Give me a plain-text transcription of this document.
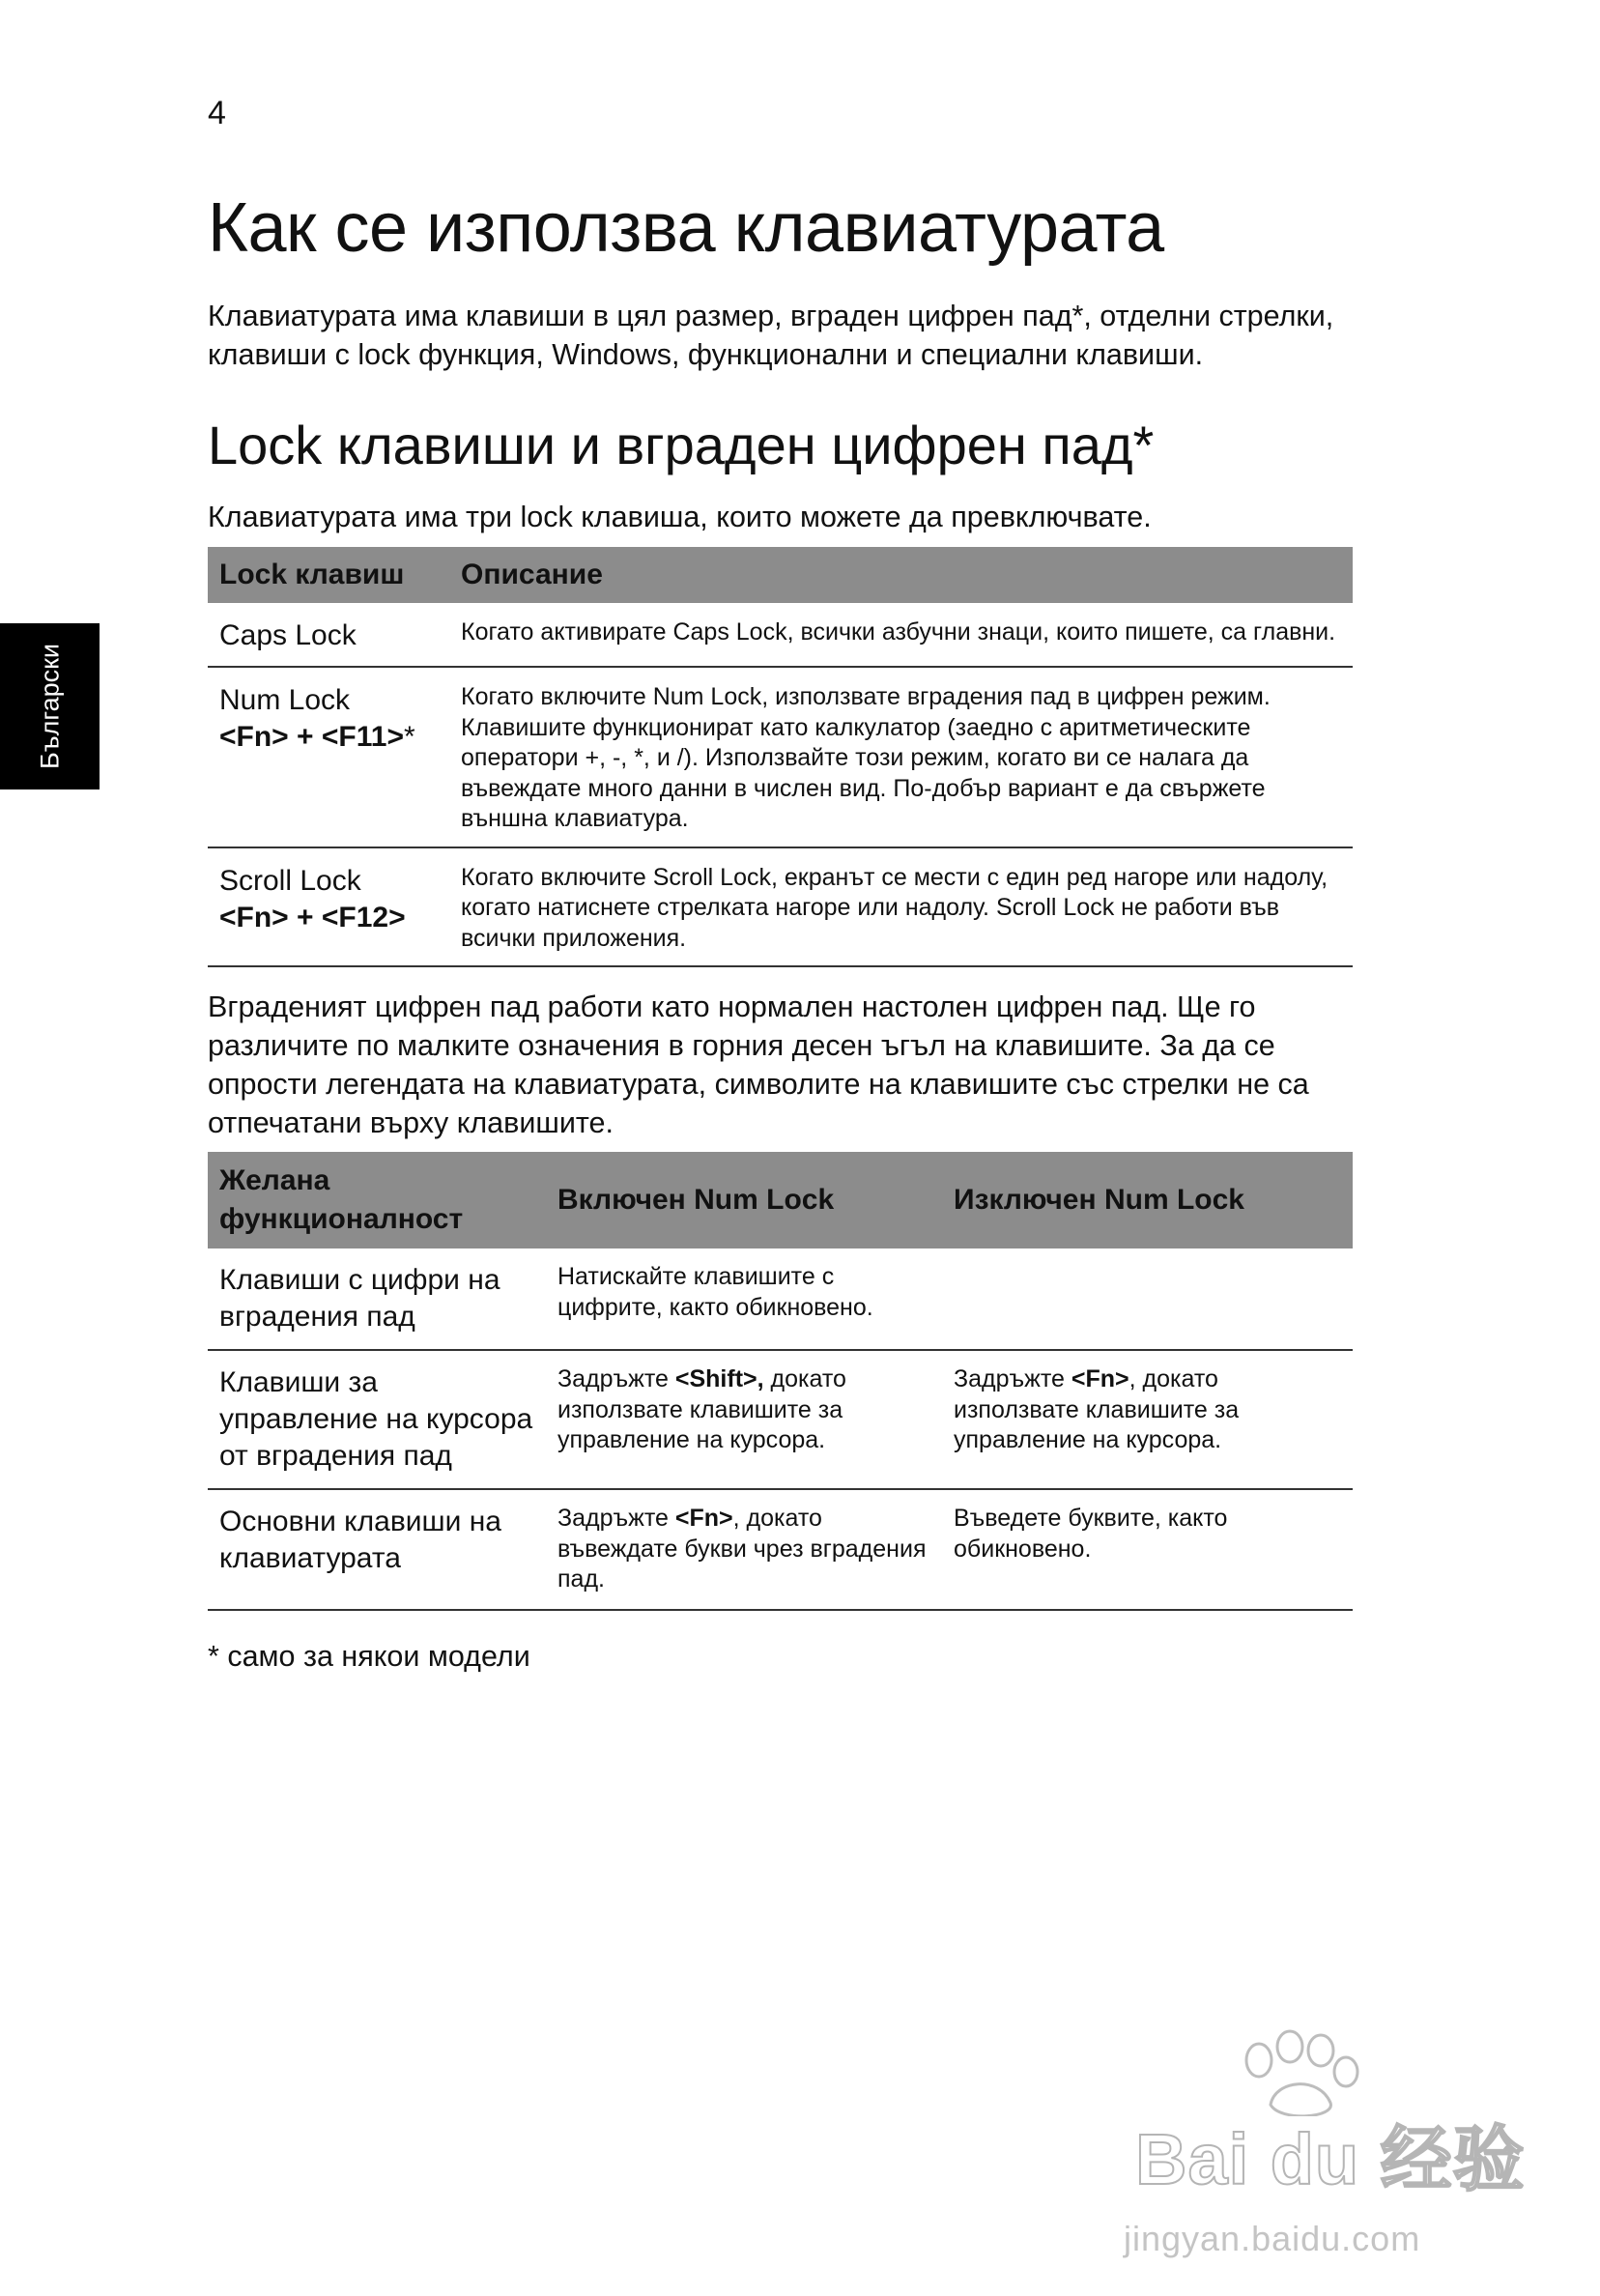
4
Български
Как се използва клавиатурата

Клавиатурата има клавиши в цял размер, вграден цифрен пад*, отделни стрелки, клавиши с lock функция, Windows, функционални и специални клавиши.

Lock клавиши и вграден цифрен пад*

Клавиатурата има три lock клавиша, които можете да превключвате.

Lock клавиш	Описание

Caps Lock	Когато активирате Caps Lock, всички азбучни знаци, които пишете, са главни.

Num Lock
<Fn> + <F11>*	Когато включите Num Lock, използвате вградения пад в цифрен режим. Клавишите функционират като калкулатор (заедно с аритметическите оператори +, -, *, и /). Използвайте този режим, когато ви се налага да въвеждате много данни в числен вид. По-добър вариант е да свържете външна клавиатура.

Scroll Lock
<Fn> + <F12>	Когато включите Scroll Lock, екранът се мести с един ред нагоре или надолу, когато натиснете стрелката нагоре или надолу. Scroll Lock не работи във всички приложения.

Вграденият цифрен пад работи като нормален настолен цифрен пад. Ще го различите по малките означения в горния десен ъгъл на клавишите. За да се опрости легендата на клавиатурата, символите на клавишите със стрелки не са отпечатани върху клавишите.

Желана функционалност	Включен Num Lock	Изключен Num Lock
Клавиши с цифри на вградения пад	Натискайте клавишите с цифрите, както обикновено.	
Клавиши за управление на курсора от вградения пад	Задръжте <Shift>, докато използвате клавишите за управление на курсора.	Задръжте <Fn>, докато използвате клавишите за управление на курсора.
Основни клавиши на клавиатурата	Задръжте <Fn>, докато въвеждате букви чрез вградения пад.	Въведете буквите, както обикновено.

* само за някои модели

Bai du 经验
jingyan.baidu.com
